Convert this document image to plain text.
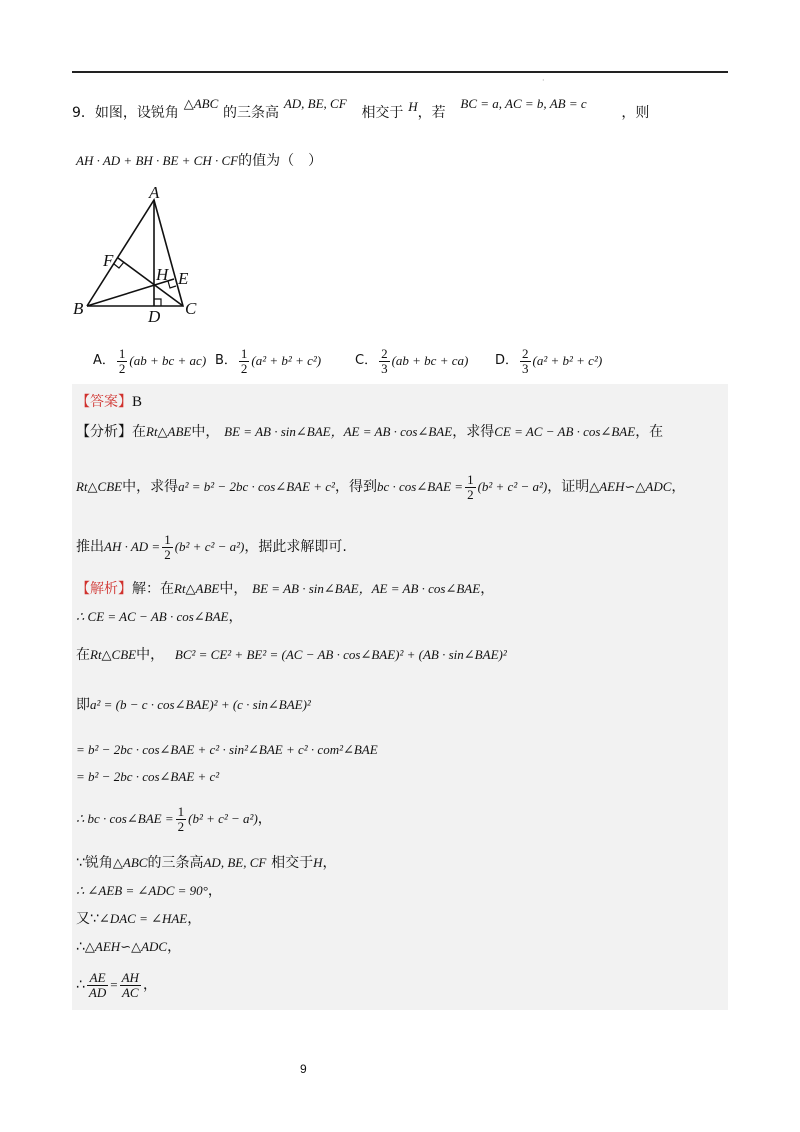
·
9．如图，设锐角 △ABC 的三条高 AD, BE, CF 相交于 H，若 BC = a, AC = b, AB = c ，则
AH · AD + BH · BE + CH · CF的值为（　）
A
B	C
D
E
F
H
A． $\frac{1}{2} (ab$ + bc + ac) B． $\frac{1}{2} (a^2 + b^2 + c^2)$	C． $\frac{2}{3} (ab$ + bc + ca) D． $\frac{2}{3} (a^2 + b^2 + c^2)$
【答案】B
【分析】在Rt△ABE中， BE = AB · sin∠BAE，AE = AB · cos∠BAE，求得CE = AC − AB · cos∠BAE，在
Rt△CBE 中，求得 a² = b² − 2bc · cos∠BAE + c² ，得到 bc · cos∠BAE = $\frac{1}{2} (b^2 + c^2 - a^2)$ ，证明 △AEH∽△ADC ，
推出 AH · AD = $\frac{1}{2} (b^2 + c^2 - a^2)$ ，据此求解即可.
【解析】解：在Rt△ABE中， BE = AB · sin∠BAE，AE = AB · cos∠BAE，
∴ CE = AC − AB · cos∠BAE，
在Rt△CBE中， BC² = CE² + BE² = (AC − AB · cos∠BAE)² + (AB · sin∠BAE)²
即a² = (b − c · cos∠BAE)² + (c · sin∠BAE)²
= b² − 2bc · cos∠BAE + c² · sin²∠BAE + c² · com²∠BAE
= b² − 2bc · cos∠BAE + c²
∴ bc · cos∠BAE = $\frac{1}{2} (b^2 + c^2 - a^2)$ ，
∵锐角△ABC的三条高AD, BE, CF 相交于H，
∴ ∠AEB = ∠ADC = 90°，
又∵∠DAC = ∠HAE，
∴△AEH∽△ADC，
∴ $\frac{AE}{AD} = \frac{AH}{AC}$ ，
9
